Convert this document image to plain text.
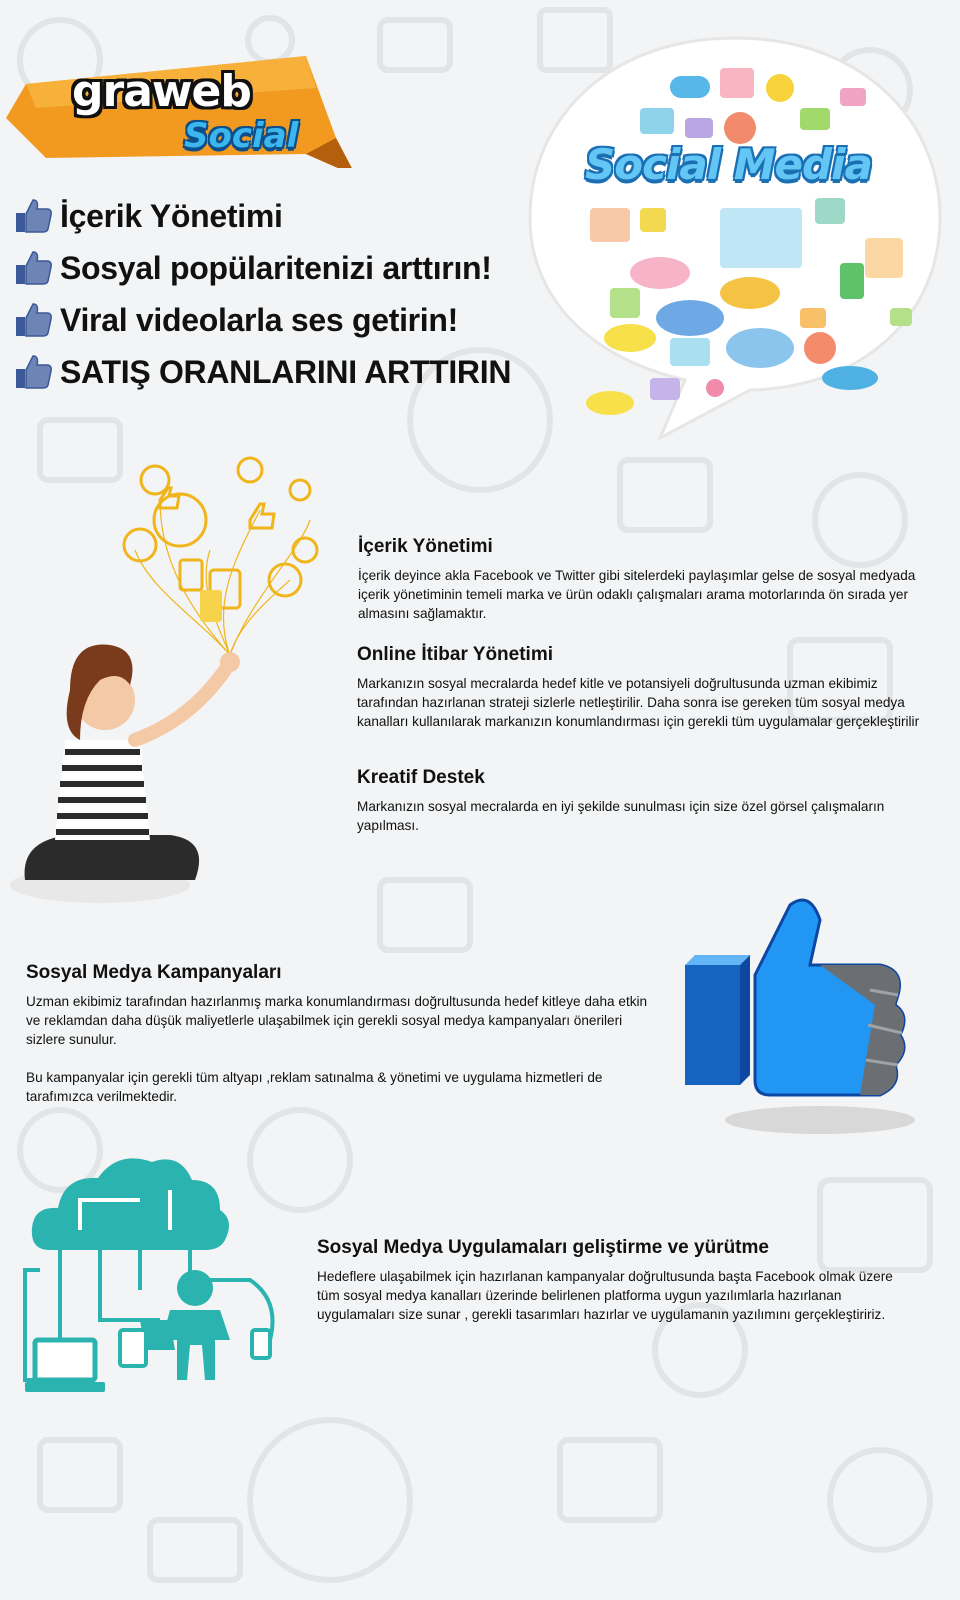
graweb
Social
İçerik Yönetimi
Sosyal popülaritenizi arttırın!
Viral videolarla ses getirin!
SATIŞ ORANLARINI ARTTIRIN
Social Media
İçerik Yönetimi

İçerik deyince akla Facebook ve Twitter gibi sitelerdeki paylaşımlar gelse de sosyal medyada içerik yönetiminin temeli marka ve ürün odaklı çalışmaları arama motorlarında ön sırada yer almasını sağlamaktır.

Online İtibar Yönetimi

Markanızın sosyal mecralarda hedef kitle ve potansiyeli doğrultusunda uzman ekibimiz tarafından hazırlanan strateji sizlerle netleştirilir. Daha sonra ise gereken tüm sosyal medya kanalları kullanılarak markanızın konumlandırması için gerekli tüm uygulamalar gerçekleştirilir

Kreatif Destek

Markanızın sosyal mecralarda en iyi şekilde sunulması için size özel görsel çalışmaların yapılması.

Sosyal Medya Kampanyaları

Uzman ekibimiz tarafından hazırlanmış marka konumlandırması doğrultusunda hedef kitleye daha etkin ve reklamdan daha düşük maliyetlerle ulaşabilmek için gerekli sosyal medya kampanyaları önerileri sizlere sunulur.

Bu kampanyalar için gerekli tüm altyapı ,reklam satınalma & yönetimi ve uygulama hizmetleri de tarafımızca verilmektedir.

Sosyal Medya Uygulamaları geliştirme ve yürütme

Hedeflere ulaşabilmek için hazırlanan kampanyalar doğrultusunda başta Facebook olmak üzere tüm sosyal medya kanalları üzerinde belirlenen platforma uygun yazılımlarla hazırlanan uygulamaları size sunar , gerekli tasarımları hazırlar ve uygulamanın yazılımını gerçekleştiririz.
